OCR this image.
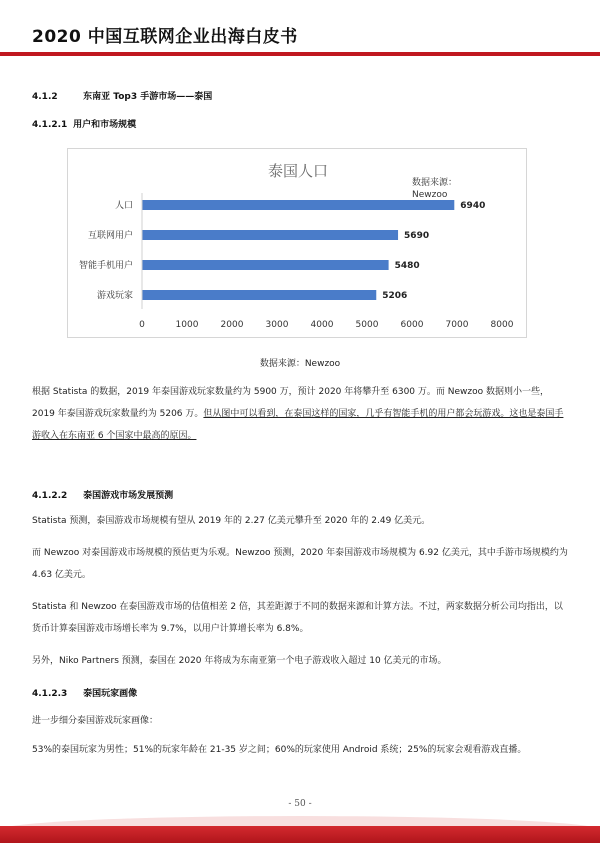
2020 中国互联网企业出海白皮书
4.1.2	东南亚 Top3 手游市场——泰国
4.1.2.1 用户和市场规模
泰国人口
数据来源： Newzoo
人口	6940
互联网用户	5690
智能手机用户	5480
游戏玩家	5206
0	1000 2000 3000 4000 5000 6000 7000 8000
数据来源：Newzoo
根据 Statista 的数据，2019 年泰国游戏玩家数量约为 5900 万，预计 2020 年将攀升至 6300 万。而 Newzoo 数据则小一些，2019 年泰国游戏玩家数量约为 5206 万。但从图中可以看到，在泰国这样的国家，几乎有智能手机的用户都会玩游戏。这也是泰国手游收入在东南亚 6 个国家中最高的原因。
4.1.2.2 泰国游戏市场发展预测
Statista 预测，泰国游戏市场规模有望从 2019 年的 2.27 亿美元攀升至 2020 年的 2.49 亿美元。
而 Newzoo 对泰国游戏市场规模的预估更为乐观。Newzoo 预测，2020 年泰国游戏市场规模为 6.92 亿美元，其中手游市场规模约为 4.63 亿美元。
Statista 和 Newzoo 在泰国游戏市场的估值相差 2 倍，其差距源于不同的数据来源和计算方法。不过，两家数据分析公司均指出，以货币计算泰国游戏市场增长率为 9.7%，以用户计算增长率为 6.8%。
另外，Niko Partners 预测，泰国在 2020 年将成为东南亚第一个电子游戏收入超过 10 亿美元的市场。
4.1.2.3 泰国玩家画像
进一步细分泰国游戏玩家画像：
53%的泰国玩家为男性；51%的玩家年龄在 21-35 岁之间；60%的玩家使用 Android 系统；25%的玩家会观看游戏直播。
- 50 -
